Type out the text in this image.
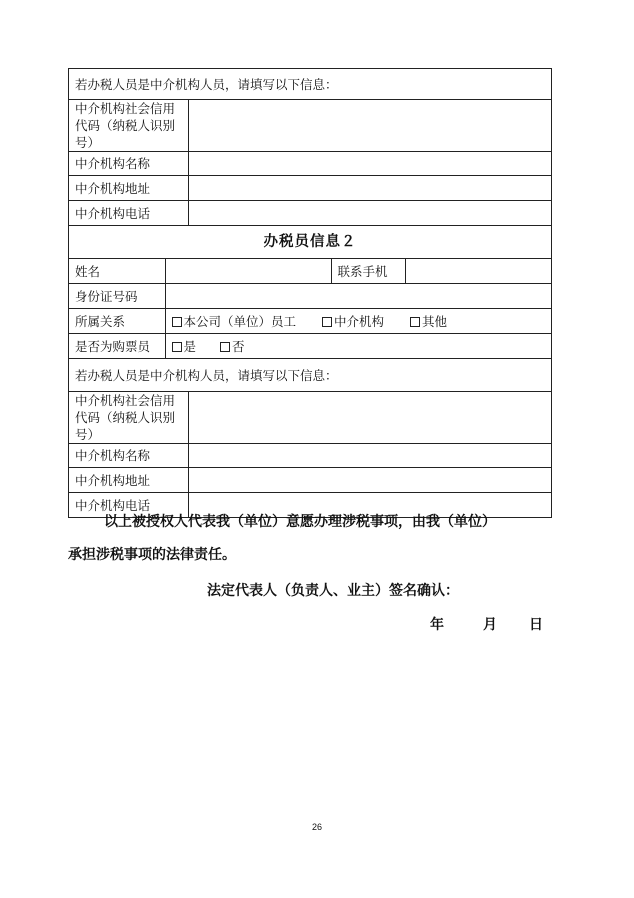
若办税人员是中介机构人员，请填写以下信息：
中介机构社会信用代码（纳税人识别号）	
中介机构名称	
中介机构地址	
中介机构电话	
办税员信息２

姓名		联系手机	

身份证号码	

所属关系	本公司（单位）员工	中介机构	其他

是否为购票员	是	否

若办税人员是中介机构人员，请填写以下信息：
中介机构社会信用代码（纳税人识别号）	
中介机构名称	
中介机构地址	
中介机构电话	
以上被授权人代表我（单位）意愿办理涉税事项，由我（单位）
承担涉税事项的法律责任。
法定代表人（负责人、业主）签名确认：
年	月 日
26
